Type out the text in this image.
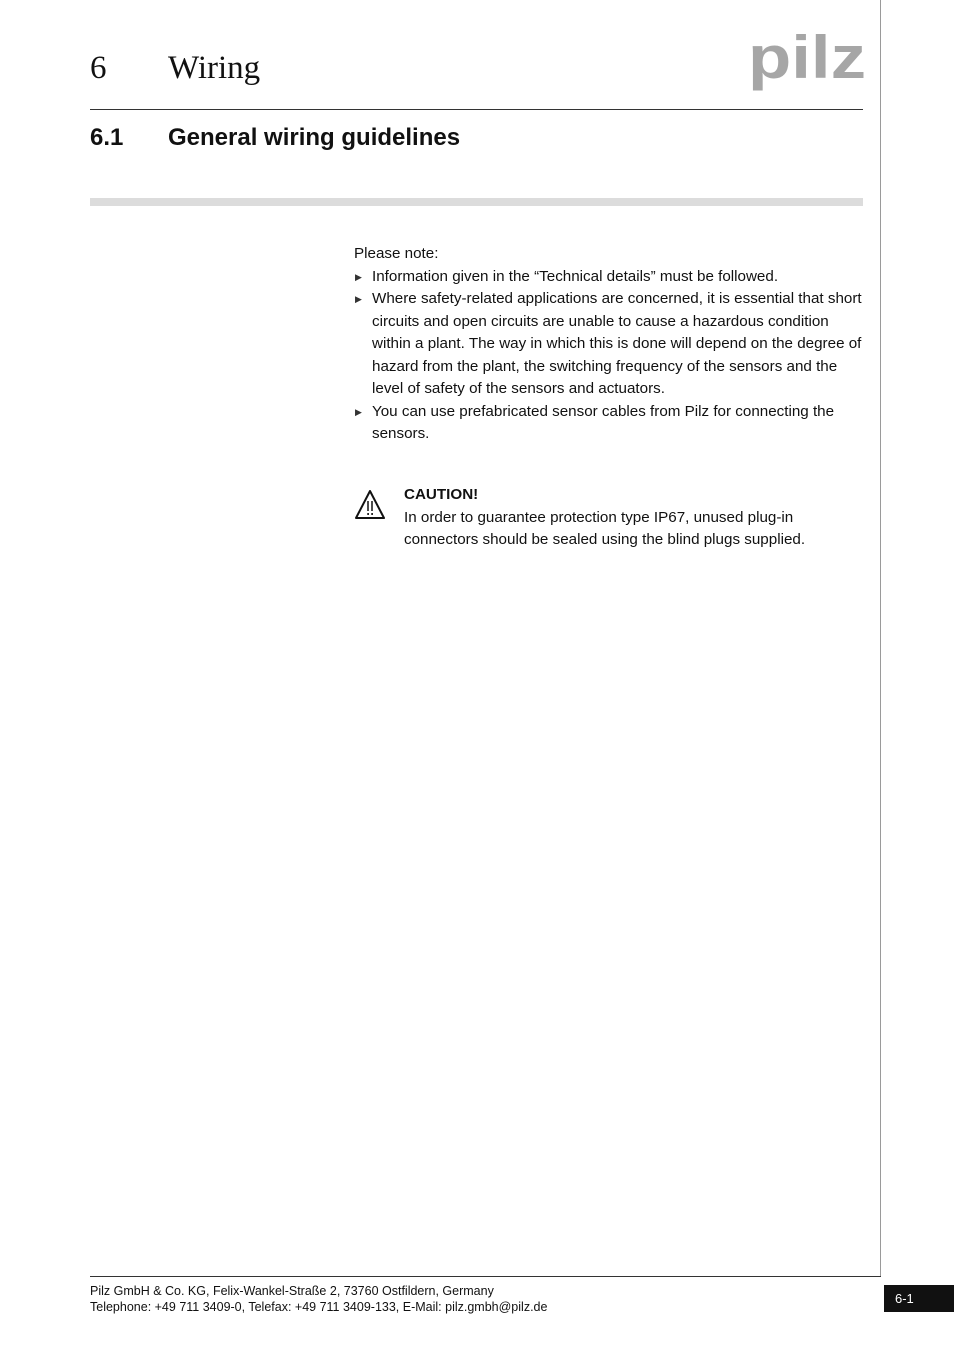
6 Wiring	pilz
6.1 General wiring guidelines

Please note:

▶ Information given in the “Technical details” must be followed.

▶ Where safety-related applications are concerned, it is essential that short circuits and open circuits are unable to cause a hazardous condition within a plant. The way in which this is done will depend on the degree of hazard from the plant, the switching frequency of the sensors and the level of safety of the sensors and actuators.

▶ You can use prefabricated sensor cables from Pilz for connecting the sensors.

CAUTION!
In order to guarantee protection type IP67, unused plug-in connectors should be sealed using the blind plugs supplied.
Pilz GmbH & Co. KG, Felix-Wankel-Straße 2, 73760 Ostfildern, Germany
Telephone: +49 711 3409-0, Telefax: +49 711 3409-133, E-Mail: pilz.gmbh@pilz.de
6-1
